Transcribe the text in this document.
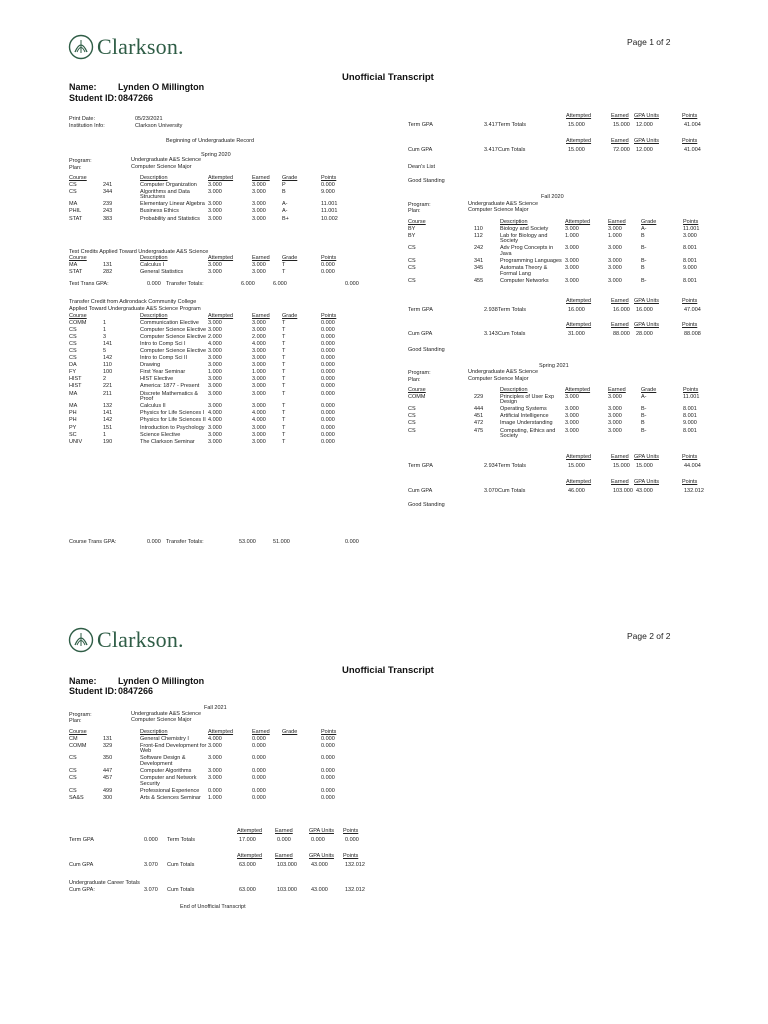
Clarkson.	Page 1 of 2
Unofficial Transcript
Name: Lynden O Millington
Student ID: 0847266
Print Date:	05/23/2021
Institution Info:	Clarkson University
Beginning of Undergraduate Record
Spring 2020
Program:	Undergraduate A&S Science
Plan:	Computer Science Major
Course		Description	Attempted	Earned	Grade	Points
CS	241	Computer Organization	3.000	3.000	P	0.000
CS	344	Algorithms and Data Structures	3.000	3.000	B	9.000
MA	239	Elementary Linear Algebra	3.000	3.000	A-	11.001
PHIL	243	Business Ethics	3.000	3.000	A-	11.001
STAT	383	Probability and Statistics	3.000	3.000	B+	10.002
Test Credits Applied Toward Undergraduate A&S Science
Course		Description	Attempted	Earned	Grade	Points
MA	131	Calculus I	3.000	3.000	T	0.000
STAT	282	General Statistics	3.000	3.000	T	0.000
Test Trans GPA:	0.000 Transfer Totals:	6.000	6.000	0.000
Transfer Credit from Adirondack Community College
Applied Toward Undergraduate A&S Science Program
Course		Description	Attempted	Earned	Grade	Points
COMM	1	Communication Elective	3.000	3.000	T	0.000
CS	1	Computer Science Elective	3.000	3.000	T	0.000
CS	3	Computer Science Elective	2.000	2.000	T	0.000
CS	141	Intro to Comp Sci I	4.000	4.000	T	0.000
CS	5	Computer Science Elective	3.000	3.000	T	0.000
CS	142	Intro to Comp Sci II	3.000	3.000	T	0.000
DA	110	Drawing	3.000	3.000	T	0.000
FY	100	First Year Seminar	1.000	1.000	T	0.000
HIST	2	HIST Elective	3.000	3.000	T	0.000
HIST	221	America: 1877 - Present	3.000	3.000	T	0.000
MA	211	Discrete Mathematics & Proof	3.000	3.000	T	0.000
MA	132	Calculus II	3.000	3.000	T	0.000
PH	141	Physics for Life Sciences I	4.000	4.000	T	0.000
PH	142	Physics for Life Sciences II	4.000	4.000	T	0.000
PY	151	Introduction to Psychology	3.000	3.000	T	0.000
SC	1	Science Elective	3.000	3.000	T	0.000
UNIV	190	The Clarkson Seminar	3.000	3.000	T	0.000
Course Trans GPA:	0.000 Transfer Totals:	53.000	51.000	0.000
Attempted	Earned GPA Units	Points
Term GPA	3.417 Term Totals	15.000	15.000 12.000	41.004
Attempted	Earned GPA Units	Points
Cum GPA	3.417 Cum Totals	15.000	72.000 12.000	41.004
Dean's List
Good Standing
Fall 2020
Program:	Undergraduate A&S Science
Plan:	Computer Science Major
Course		Description	Attempted	Earned	Grade	Points
BY	110	Biology and Society	3.000	3.000	A-	11.001
BY	112	Lab for Biology and Society	1.000	1.000	B	3.000
CS	242	Adv Prog Concepts in Java	3.000	3.000	B-	8.001
CS	341	Programming Languages	3.000	3.000	B-	8.001
CS	345	Automata Theory & Formal Lang	3.000	3.000	B	9.000
CS	455	Computer Networks	3.000	3.000	B-	8.001
Attempted	Earned GPA Units	Points
Term GPA	2.938 Term Totals	16.000	16.000 16.000	47.004
Attempted	Earned GPA Units	Points
Cum GPA	3.143 Cum Totals	31.000	88.000 28.000	88.008
Good Standing
Spring 2021
Program:	Undergraduate A&S Science
Plan:	Computer Science Major
Course		Description	Attempted	Earned	Grade	Points
COMM	229	Principles of User Exp Design	3.000	3.000	A-	11.001
CS	444	Operating Systems	3.000	3.000	B-	8.001
CS	451	Artificial Intelligence	3.000	3.000	B-	8.001
CS	472	Image Understanding	3.000	3.000	B	9.000
CS	475	Computing, Ethics and Society	3.000	3.000	B-	8.001
Attempted	Earned GPA Units	Points
Term GPA	2.934 Term Totals	15.000	15.000 15.000	44.004
Attempted	Earned GPA Units	Points
Cum GPA	3.070 Cum Totals	46.000	103.000 43.000	132.012
Good Standing
Clarkson.	Page 2 of 2
Unofficial Transcript
Name: Lynden O Millington
Student ID: 0847266
Fall 2021
Program:	Undergraduate A&S Science
Plan:	Computer Science Major
Course		Description	Attempted	Earned	Grade	Points
CM	131	General Chemistry I	4.000	0.000		0.000
COMM	329	Front-End Development for Web	3.000	0.000		0.000
CS	350	Software Design & Development	3.000	0.000		0.000
CS	447	Computer Algorithms	3.000	0.000		0.000
CS	457	Computer and Network Security	3.000	0.000		0.000
CS	499	Professional Experience	0.000	0.000		0.000
SA&S	300	Arts & Sciences Seminar	1.000	0.000		0.000
Attempted Earned	GPA Units Points
Term GPA	0.000 Term Totals	17.000	0.000	0.000	0.000
Attempted Earned	GPA Units Points
Cum GPA	3.070 Cum Totals	63.000	103.000	43.000	132.012
Undergraduate Career Totals
Cum GPA:	3.070 Cum Totals	63.000	103.000	43.000	132.012
End of Unofficial Transcript
